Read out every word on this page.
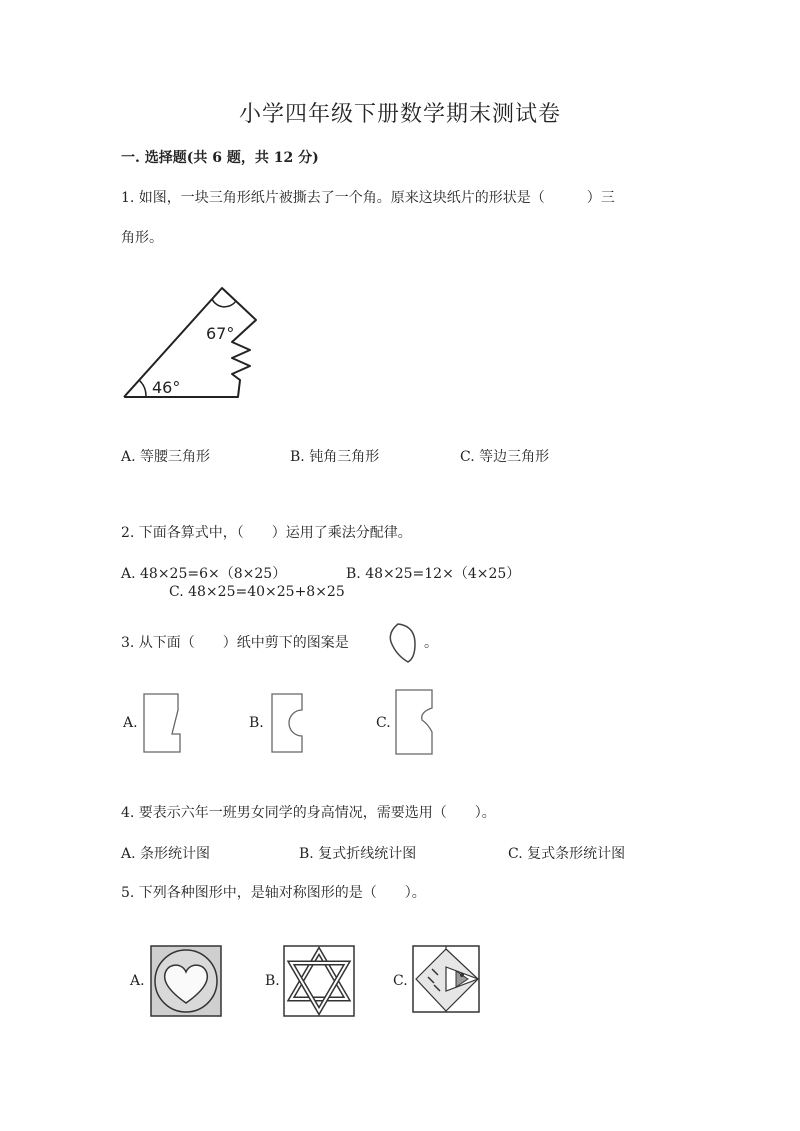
小学四年级下册数学期末测试卷
一. 选择题(共 6 题，共 12 分)
1. 如图，一块三角形纸片被撕去了一个角。原来这块纸片的形状是（　　　）三
角形。
67°
46°
A. 等腰三角形	B. 钝角三角形	C. 等边三角形
2. 下面各算式中，（　　）运用了乘法分配律。
A. 48×25=6×（8×25）	B. 48×25=12×（4×25）
C. 48×25=40×25+8×25
3. 从下面（　　）纸中剪下的图案是	。
A.	B.	C.
4. 要表示六年一班男女同学的身高情况，需要选用（　　）。
A. 条形统计图	B. 复式折线统计图	C. 复式条形统计图
5. 下列各种图形中，是轴对称图形的是（　　）。
A.	B.	C.
